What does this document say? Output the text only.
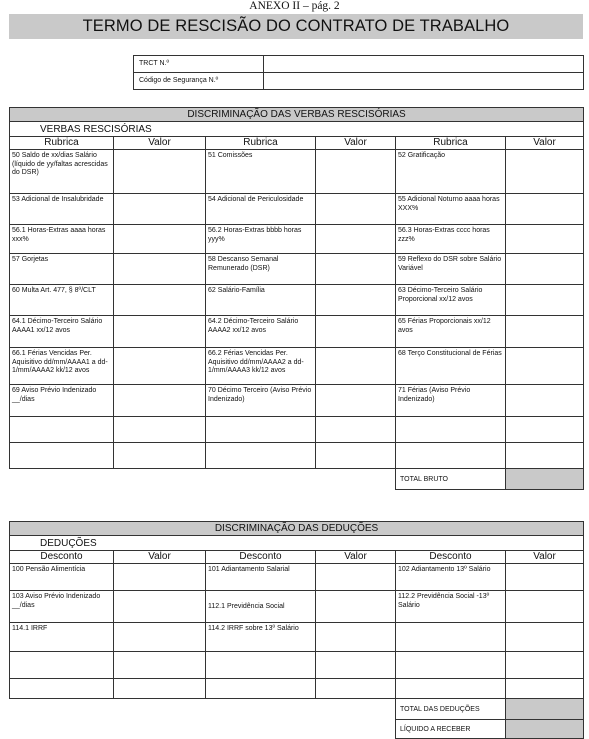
ANEXO II – pág. 2
TERMO DE RESCISÃO DO CONTRATO DE TRABALHO
TRCT N.º	
Código de Segurança N.º	
DISCRIMINAÇÃO DAS VERBAS RESCISÓRIAS					
VERBAS RESCISÓRIAS					
Rubrica	Valor	Rubrica	Valor	Rubrica	Valor
50 Saldo de xx/dias Salário (líquido de yy/faltas acrescidas do DSR)		51 Comissões		52 Gratificação	
53 Adicional de Insalubridade		54 Adicional de Periculosidade		55 Adicional Noturno aaaa horas XXX%	
56.1 Horas-Extras aaaa horas xxx%		56.2 Horas-Extras bbbb horas yyy%		56.3 Horas-Extras cccc horas zzz%	
57 Gorjetas		58 Descanso Semanal Remunerado (DSR)		59 Reflexo do DSR sobre Salário Variável	
60 Multa Art. 477, § 8º/CLT		62 Salário-Família		63 Décimo-Terceiro Salário Proporcional xx/12 avos	
64.1 Décimo-Terceiro Salário AAAA1 xx/12 avos		64.2 Décimo-Terceiro Salário AAAA2 xx/12 avos		65 Férias Proporcionais xx/12 avos	
66.1 Férias Vencidas Per. Aquisitivo dd/mm/AAAA1 a dd-1/mm/AAAA2 kk/12 avos		66.2 Férias Vencidas Per. Aquisitivo dd/mm/AAAA2 a dd-1/mm/AAAA3 kk/12 avos		68 Terço Constitucional de Férias	
69 Aviso Prévio Indenizado __/dias		70 Décimo Terceiro (Aviso Prévio Indenizado)		71 Férias (Aviso Prévio Indenizado)	

				TOTAL BRUTO	
DISCRIMINAÇÃO DAS DEDUÇÕES					
DEDUÇÕES					
Desconto	Valor	Desconto	Valor	Desconto	Valor
100 Pensão Alimentícia		101 Adiantamento Salarial		102 Adiantamento 13º Salário	
103 Aviso Prévio Indenizado __/dias		112.1 Previdência Social		112.2 Previdência Social -13º Salário	
114.1 IRRF		114.2 IRRF sobre 13º Salário			

				TOTAL DAS DEDUÇÕES	
				LÍQUIDO A RECEBER	
